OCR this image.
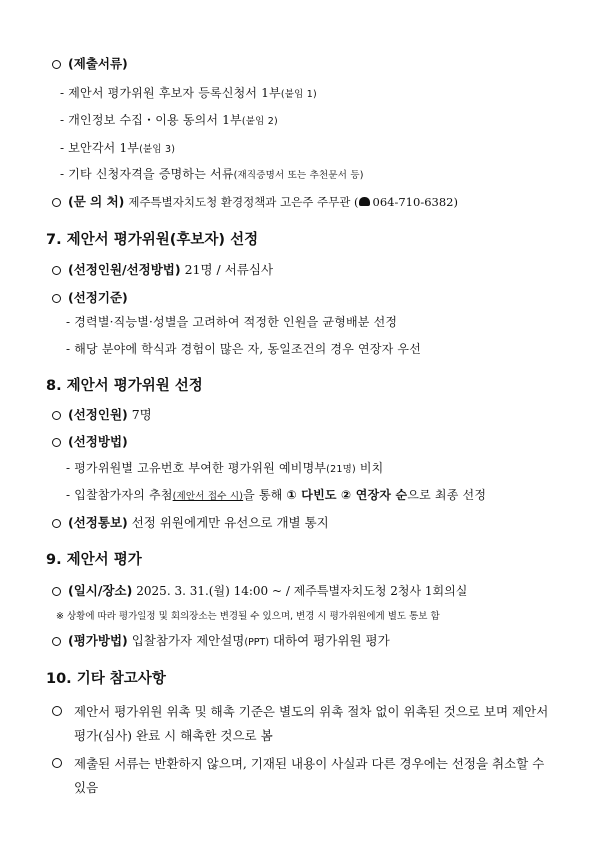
(제출서류)
- 제안서 평가위원 후보자 등록신청서 1부(붙임 1)
- 개인정보 수집・이용 동의서 1부(붙임 2)
- 보안각서 1부(붙임 3)
- 기타 신청자격을 증명하는 서류(재직증명서 또는 추천문서 등)
(문 의 처) 제주특별자치도청 환경정책과 고은주 주무관 ( 064-710-6382)
7. 제안서 평가위원(후보자) 선정
(선정인원/선정방법) 21명 / 서류심사
(선정기준)
- 경력별·직능별·성별을 고려하여 적정한 인원을 균형배분 선정
- 해당 분야에 학식과 경험이 많은 자, 동일조건의 경우 연장자 우선
8. 제안서 평가위원 선정
(선정인원) 7명
(선정방법)
- 평가위원별 고유번호 부여한 평가위원 예비명부(21명) 비치
- 입찰참가자의 추첨(제안서 접수 시)을 통해 ① 다빈도 ② 연장자 순으로 최종 선정
(선정통보) 선정 위원에게만 유선으로 개별 통지
9. 제안서 평가
(일시/장소) 2025. 3. 31.(월) 14:00 ~ / 제주특별자치도청 2청사 1회의실
※ 상황에 따라 평가일정 및 회의장소는 변경될 수 있으며, 변경 시 평가위원에게 별도 통보 함
(평가방법) 입찰참가자 제안설명(PPT) 대하여 평가위원 평가
10. 기타 참고사항
제안서 평가위원 위촉 및 해촉 기준은 별도의 위촉 절차 없이 위촉된 것으로 보며 제안서 평가(심사) 완료 시 해촉한 것으로 봄
제출된 서류는 반환하지 않으며, 기재된 내용이 사실과 다른 경우에는 선정을 취소할 수 있음
